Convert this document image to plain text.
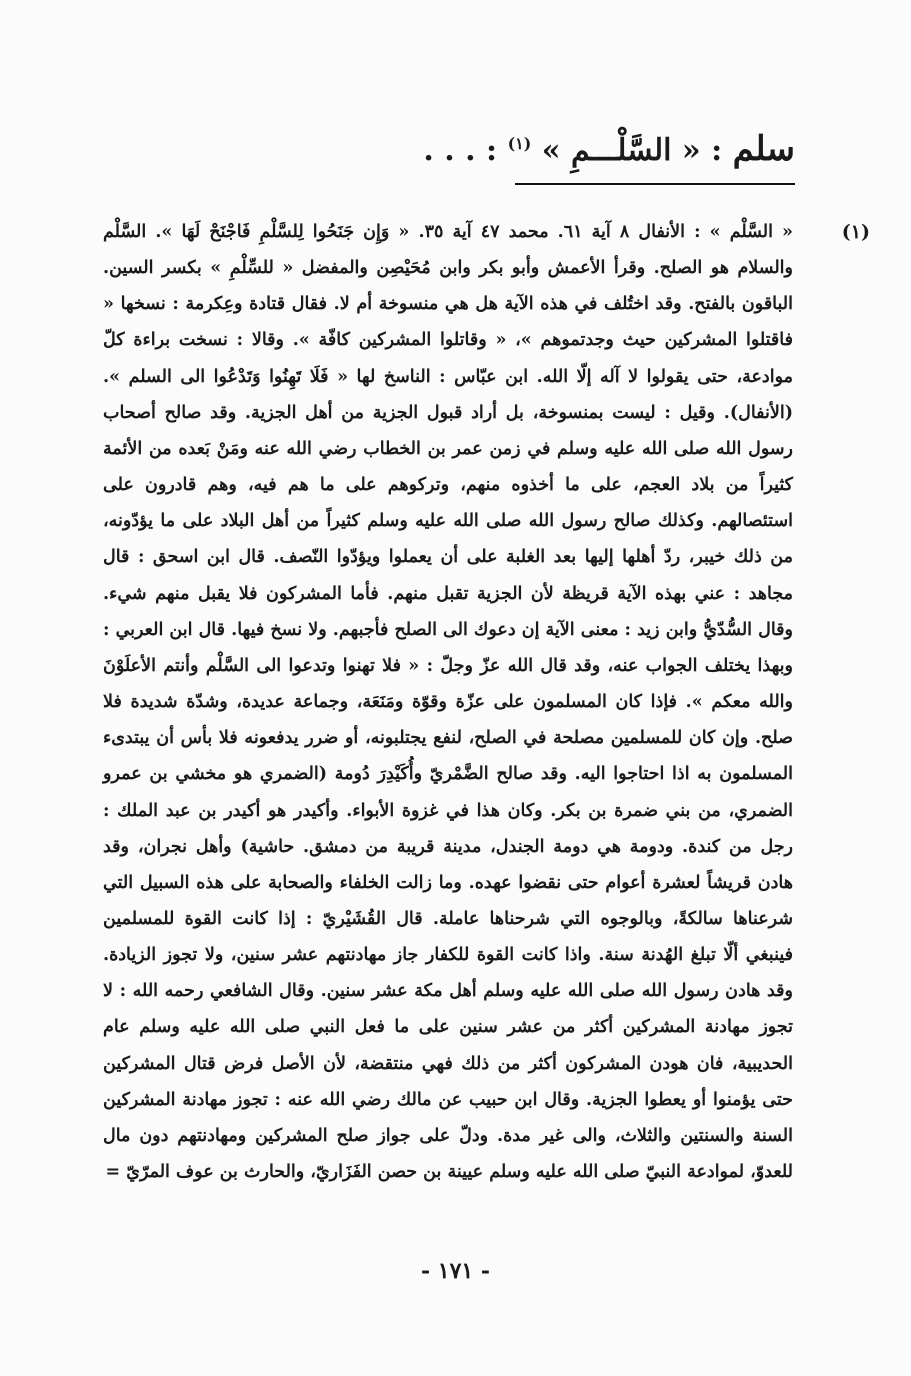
سلم : « السَّلْـــمِ » $^{(١)}$ : . . .
(١)
« السَّلْم » : الأنفال ٨ آية ٦١. محمد ٤٧ آية ٣٥. « وَإِن جَنَحُوا لِلسَّلْمِ فَاجْنَحْ لَهَا ». السَّلْم والسلام هو الصلح. وقرأ الأعمش وأبو بكر وابن مُحَيْصِن والمفضل « للسِّلْمِ » بكسر السين. الباقون بالفتح. وقد اختُلف في هذه الآية هل هي منسوخة أم لا. فقال قتادة وعِكرمة : نسخها « فاقتلوا المشركين حيث وجدتموهم »، « وقاتلوا المشركين كافّة ». وقالا : نسخت براءة كلّ موادعة، حتى يقولوا لا آله إلّا الله. ابن عبّاس : الناسخ لها « فَلَا تَهِنُوا وَتَدْعُوا الى السلم ». (الأنفال). وقيل : ليست بمنسوخة، بل أراد قبول الجزية من أهل الجزية. وقد صالح أصحاب رسول الله صلى الله عليه وسلم في زمن عمر بن الخطاب رضي الله عنه ومَنْ بَعده من الأئمة كثيراً من بلاد العجم، على ما أخذوه منهم، وتركوهم على ما هم فيه، وهم قادرون على استئصالهم. وكذلك صالح رسول الله صلى الله عليه وسلم كثيراً من أهل البلاد على ما يؤدّونه، من ذلك خيبر، ردّ أهلها إليها بعد الغلبة على أن يعملوا ويؤدّوا النّصف. قال ابن اسحق : قال مجاهد : عني بهذه الآية قريظة لأن الجزية تقبل منهم. فأما المشركون فلا يقبل منهم شيء. وقال السُّدّيُّ وابن زيد : معنى الآية إن دعوك الى الصلح فأجبهم. ولا نسخ فيها. قال ابن العربي : وبهذا يختلف الجواب عنه، وقد قال الله عزّ وجلّ : « فلا تهنوا وتدعوا الى السَّلْم وأنتم الأعلَوْنَ والله معكم ». فإذا كان المسلمون على عزّة وقوّة ومَنَعَة، وجماعة عديدة، وشدّة شديدة فلا صلح. وإن كان للمسلمين مصلحة في الصلح، لنفع يجتلبونه، أو ضرر يدفعونه فلا بأس أن يبتدىء المسلمون به اذا احتاجوا اليه. وقد صالح الضَّمْريّ وأُكَيْدِرَ دُومة (الضمري هو مخشي بن عمرو الضمري، من بني ضمرة بن بكر. وكان هذا في غزوة الأبواء. وأكيدر هو أكيدر بن عبد الملك : رجل من كندة. ودومة هي دومة الجندل، مدينة قريبة من دمشق. حاشية) وأهل نجران، وقد هادن قريشاً لعشرة أعوام حتى نقضوا عهده. وما زالت الخلفاء والصحابة على هذه السبيل التي شرعناها سالكةً، وبالوجوه التي شرحناها عاملة. قال القُشَيْريّ : إذا كانت القوة للمسلمين فينبغي ألّا تبلغ الهُدنة سنة. واذا كانت القوة للكفار جاز مهادنتهم عشر سنين، ولا تجوز الزيادة. وقد هادن رسول الله صلى الله عليه وسلم أهل مكة عشر سنين. وقال الشافعي رحمه الله : لا تجوز مهادنة المشركين أكثر من عشر سنين على ما فعل النبي صلى الله عليه وسلم عام الحديبية، فان هودن المشركون أكثر من ذلك فهي منتقضة، لأن الأصل فرض قتال المشركين حتى يؤمنوا أو يعطوا الجزية. وقال ابن حبيب عن مالك رضي الله عنه : تجوز مهادنة المشركين السنة والسنتين والثلاث، والى غير مدة. ودلّ على جواز صلح المشركين ومهادنتهم دون مال للعدوّ، لموادعة النبيّ صلى الله عليه وسلم عيينة بن حصن الفَزَاريّ، والحارث بن عوف المرّيّ =
- ١٧١ -
